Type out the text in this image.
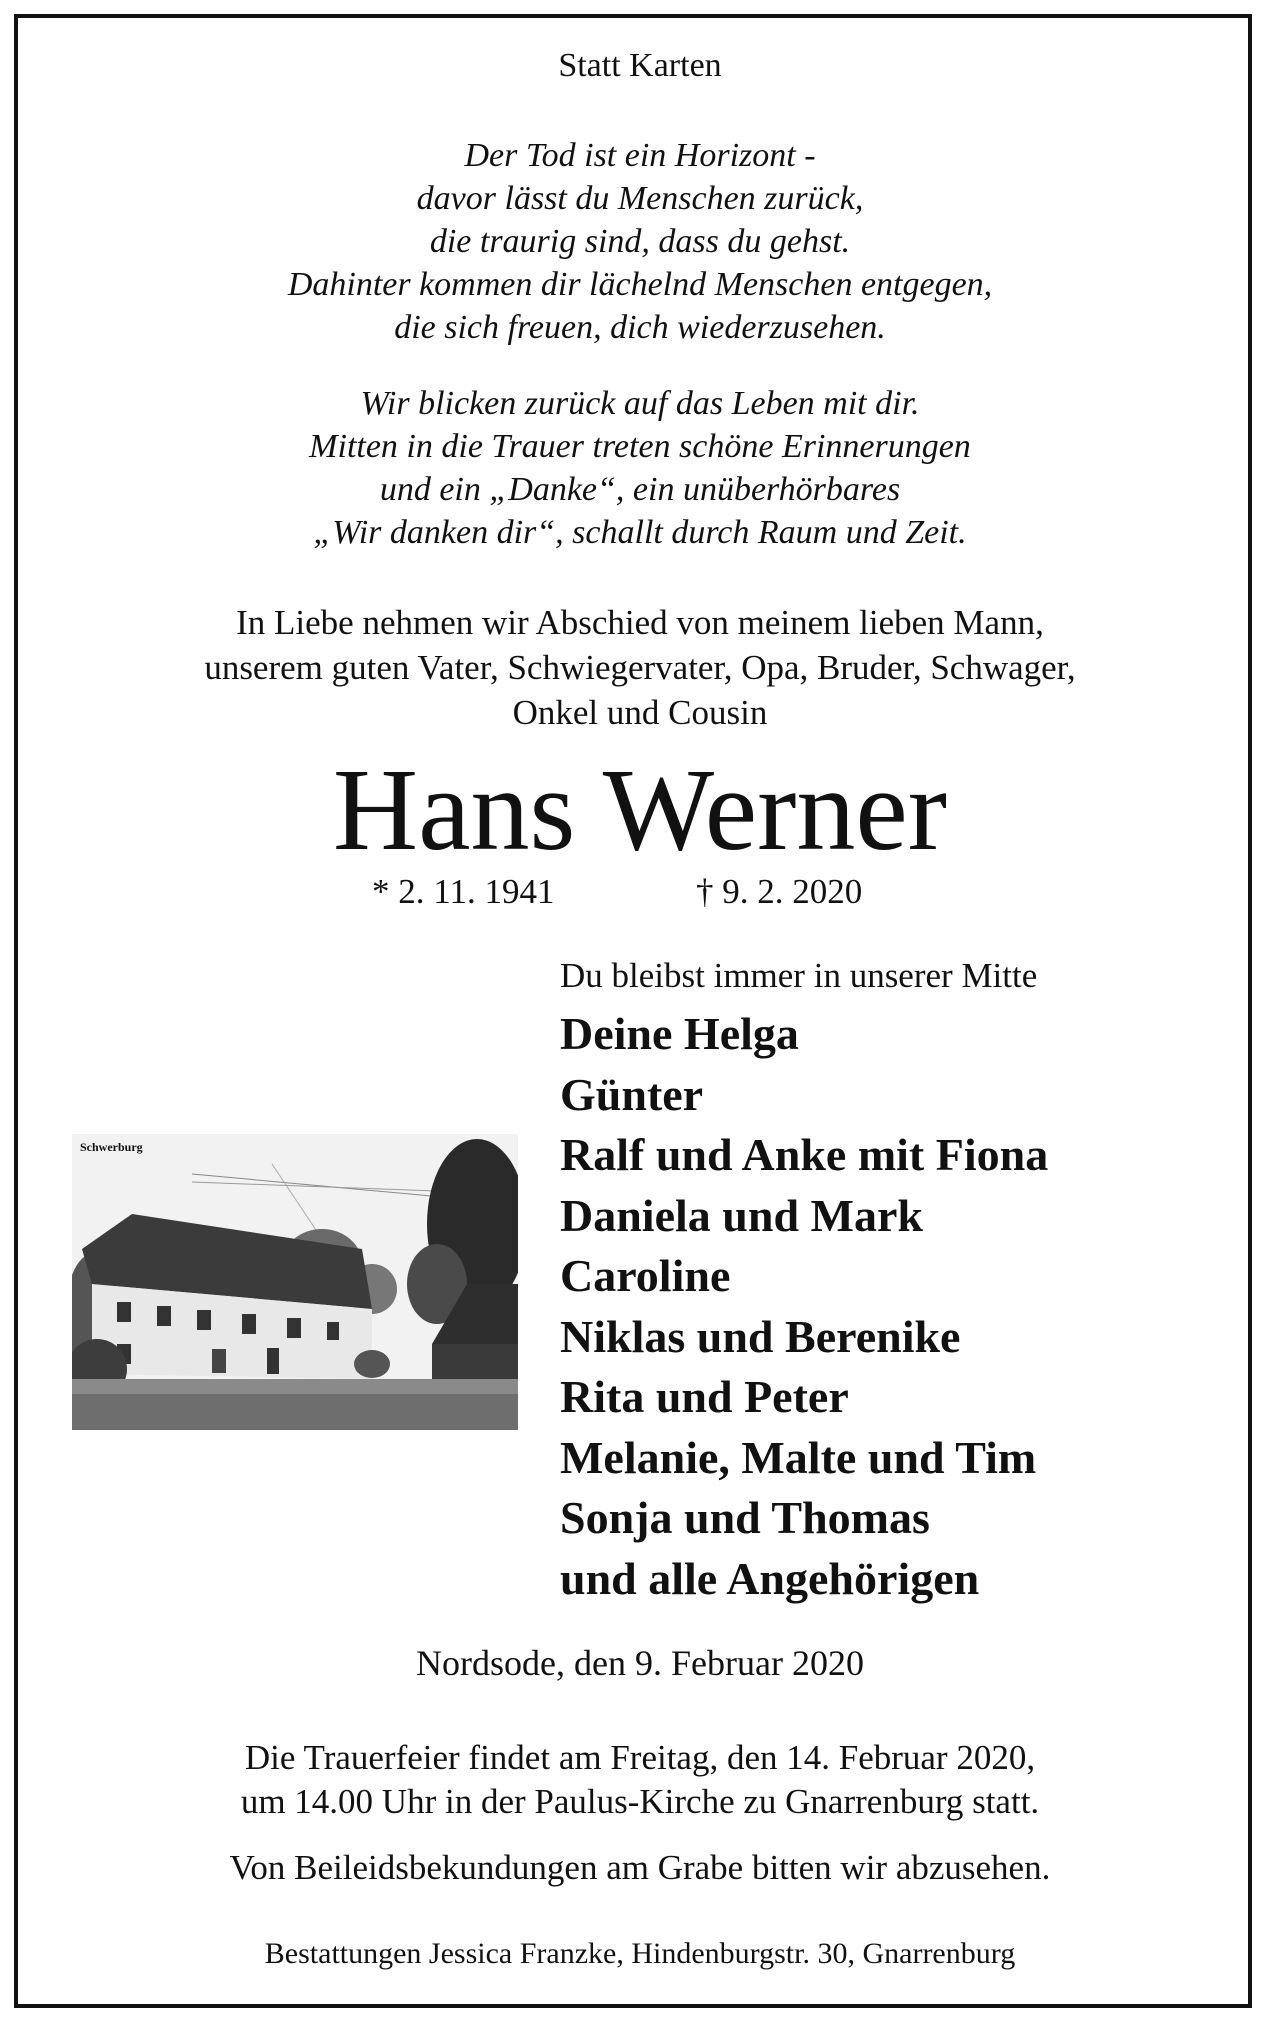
Statt Karten

Der Tod ist ein Horizont -
davor lässt du Menschen zurück,
die traurig sind, dass du gehst.
Dahinter kommen dir lächelnd Menschen entgegen,
die sich freuen, dich wiederzusehen.
Wir blicken zurück auf das Leben mit dir.
Mitten in die Trauer treten schöne Erinnerungen
und ein „Danke“, ein unüberhörbares
„Wir danken dir“, schallt durch Raum und Zeit.
In Liebe nehmen wir Abschied von meinem lieben Mann,
unserem guten Vater, Schwiegervater, Opa, Bruder, Schwager,
Onkel und Cousin

Hans Werner

* 2. 11. 1941	† 9. 2. 2020

Du bleibst immer in unserer Mitte

Deine Helga

Günter

Ralf und Anke mit Fiona

Daniela und Mark

Caroline

Niklas und Berenike

Rita und Peter

Melanie, Malte und Tim

Sonja und Thomas

und alle Angehörigen

Schwerburg

Nordsode, den 9. Februar 2020

Die Trauerfeier findet am Freitag, den 14. Februar 2020,
um 14.00 Uhr in der Paulus-Kirche zu Gnarrenburg statt.

Von Beileidsbekundungen am Grabe bitten wir abzusehen.

Bestattungen Jessica Franzke, Hindenburgstr. 30, Gnarrenburg
